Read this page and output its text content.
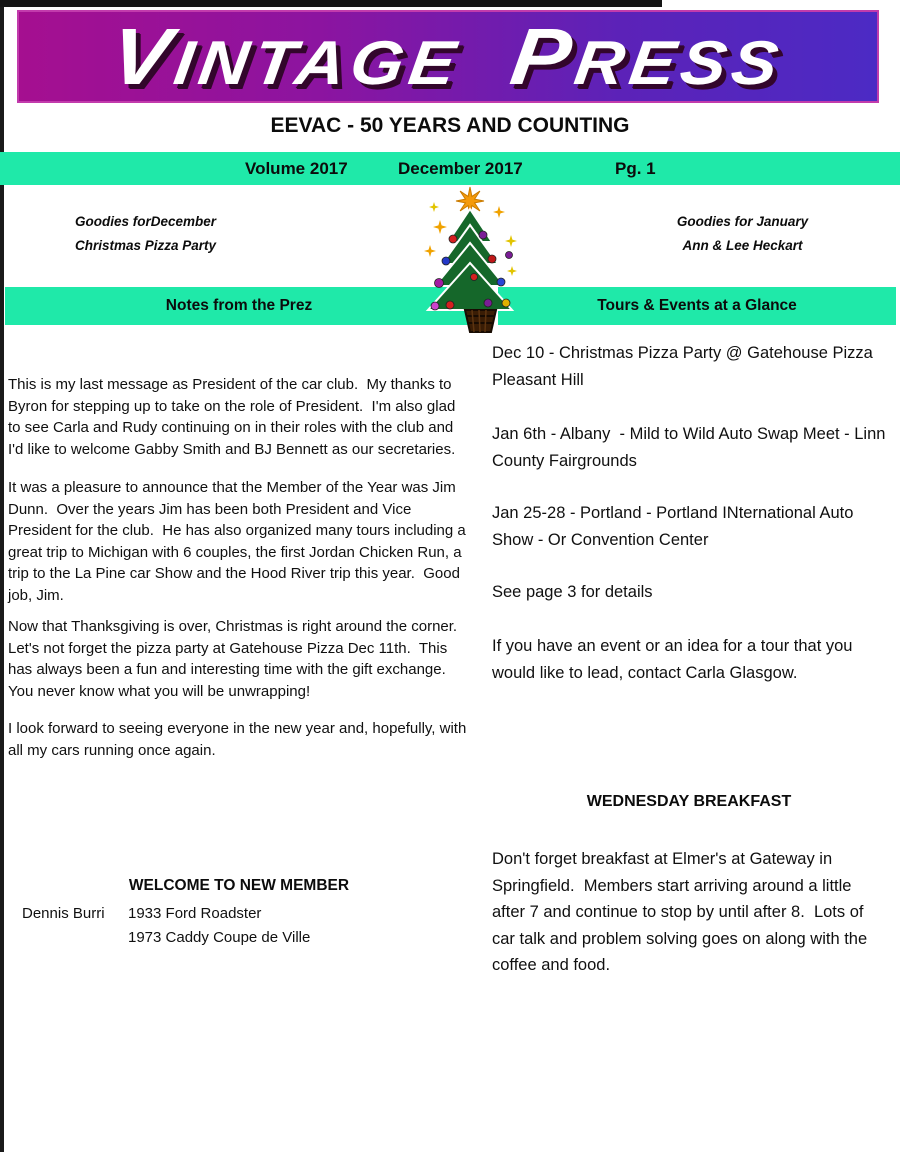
VINTAGE PRESS
EEVAC - 50 YEARS AND COUNTING
Volume 2017	December 2017	Pg. 1
Goodies forDecember
Christmas Pizza Party
Goodies for January
Ann & Lee Heckart
Notes from the Prez	Tours & Events at a Glance

This is my last message as President of the car club.  My thanks to Byron for stepping up to take on the role of President.  I'm also glad to see Carla and Rudy continuing on in their roles with the club and I'd like to welcome Gabby Smith and BJ Bennett as our secretaries.

It was a pleasure to announce that the Member of the Year was Jim Dunn.  Over the years Jim has been both President and Vice President for the club.  He has also organized many tours including a great trip to Michigan with 6 couples, the first Jordan Chicken Run, a trip to the La Pine car Show and the Hood River trip this year.  Good job, Jim.

Now that Thanksgiving is over, Christmas is right around the corner.  Let's not forget the pizza party at Gatehouse Pizza Dec 11th.  This has always been a fun and interesting time with the gift exchange. You never know what you will be unwrapping!

I look forward to seeing everyone in the new year and, hopefully, with all my cars running once again.

WELCOME TO NEW MEMBER
Dennis Burri	1933 Ford Roadster
1973 Caddy Coupe de Ville

Dec 10 - Christmas Pizza Party @ Gatehouse Pizza Pleasant Hill

Jan 6th - Albany  - Mild to Wild Auto Swap Meet - Linn County Fairgrounds

Jan 25-28 - Portland - Portland INternational Auto Show - Or Convention Center

See page 3 for details

If you have an event or an idea for a tour that you would like to lead, contact Carla Glasgow.

WEDNESDAY BREAKFAST

Don't forget breakfast at Elmer's at Gateway in Springfield.  Members start arriving around a little after 7 and continue to stop by until after 8.  Lots of car talk and problem solving goes on along with the coffee and food.
